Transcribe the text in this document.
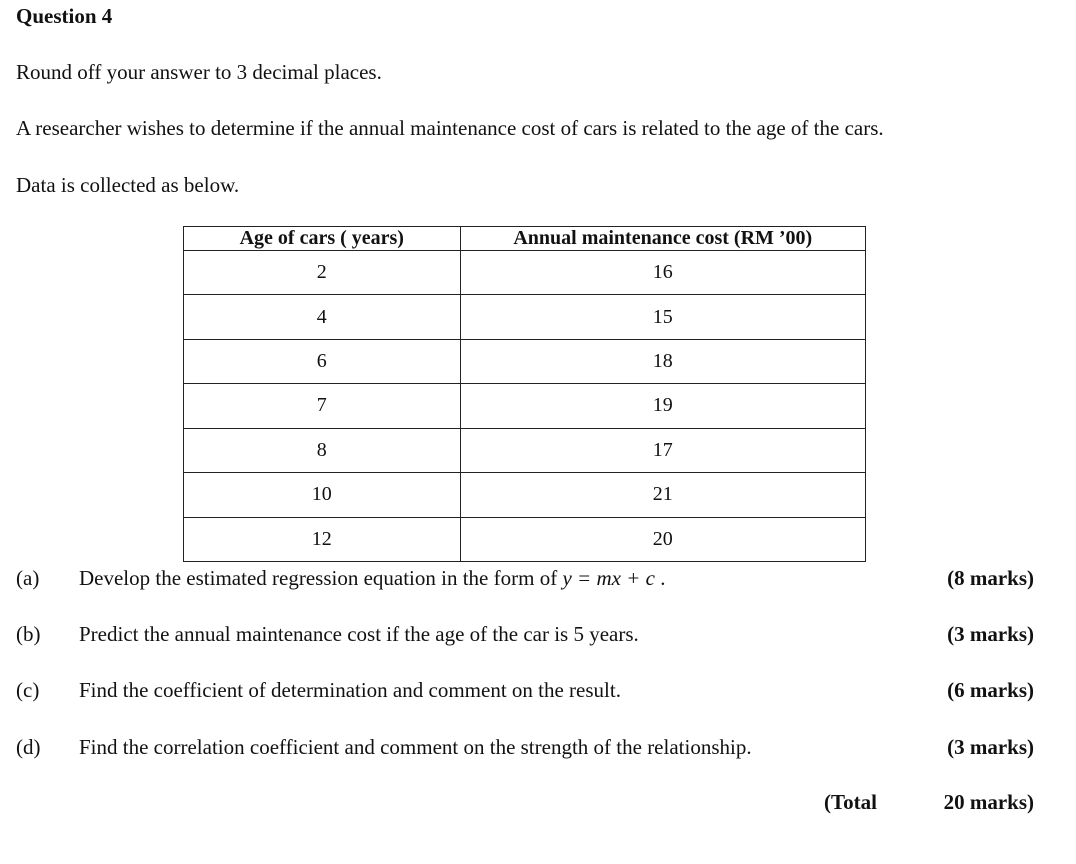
Question 4
Round off your answer to 3 decimal places.
A researcher wishes to determine if the annual maintenance cost of cars is related to the age of the cars.
Data is collected as below.
Age of cars ( years)	Annual maintenance cost (RM ’00)
2	16
4	15
6	18
7	19
8	17
10	21
12	20
(a) Develop the estimated regression equation in the form of y = mx + c .	(8 marks)
(b) Predict the annual maintenance cost if the age of the car is 5 years.	(3 marks)
(c) Find the coefficient of determination and comment on the result.	(6 marks)
(d) Find the correlation coefficient and comment on the strength of the relationship.	(3 marks)
(Total	20 marks)
